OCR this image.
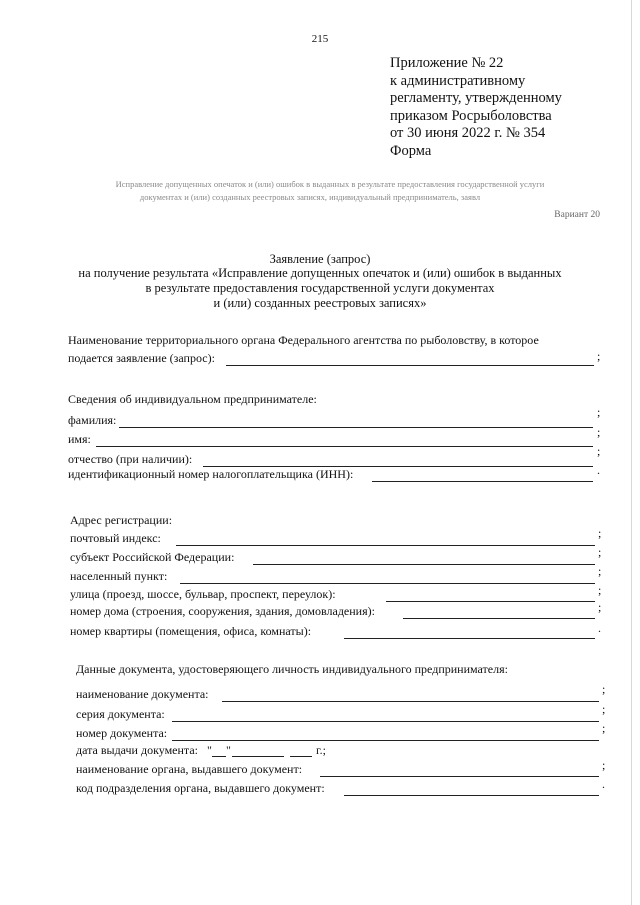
215
Приложение № 22
к административному
регламенту, утвержденному
приказом Росрыболовства
от 30 июня 2022 г. № 354
Форма
Исправление допущенных опечаток и (или) ошибок в выданных в результате предоставления государственной услуги
документах и (или) созданных реестровых записях, индивидуальный предприниматель, заявл
Вариант 20
Заявление (запрос)
на получение результата «Исправление допущенных опечаток и (или) ошибок в выданных
в результате предоставления государственной услуги документах
и (или) созданных реестровых записях»
Наименование территориального органа Федерального агентства по рыболовству, в которое
подается заявление (запрос):	;
Сведения об индивидуальном предпринимателе:
фамилия:
;
имя:	;
отчество (при наличии):
;
идентификационный номер налогоплательщика (ИНН):	.
Адрес регистрации:
почтовый индекс:	;
субъект Российской Федерации:	;
населенный пункт:	;
улица (проезд, шоссе, бульвар, проспект, переулок):	;
номер дома (строения, сооружения, здания, домовладения):	;
номер квартиры (помещения, офиса, комнаты):	.
Данные документа, удостоверяющего личность индивидуального предпринимателя:
наименование документа:	;
серия документа:	;
номер документа:	;
дата выдачи документа: " "	г.;
наименование органа, выдавшего документ:	;
код подразделения органа, выдавшего документ:	.
